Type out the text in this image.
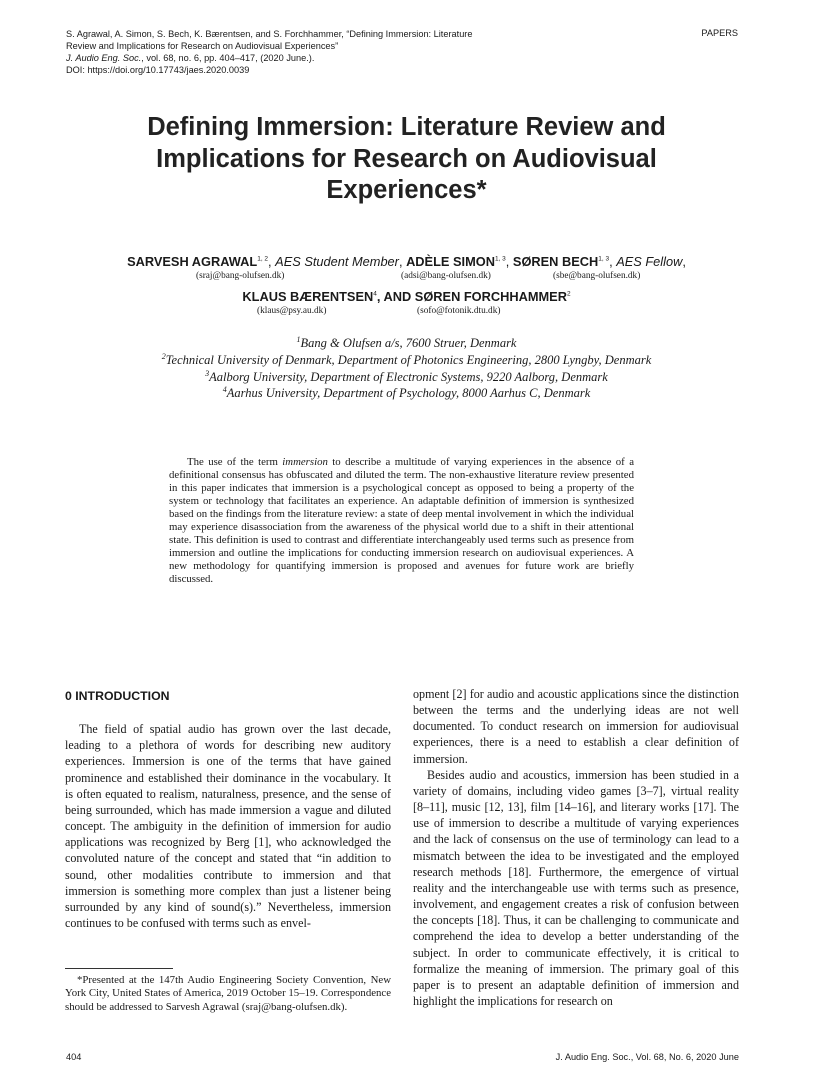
S. Agrawal, A. Simon, S. Bech, K. Bærentsen, and S. Forchhammer, “Defining Immersion: Literature
Review and Implications for Research on Audiovisual Experiences”
J. Audio Eng. Soc., vol. 68, no. 6, pp. 404–417, (2020 June.).
DOI: https://doi.org/10.17743/jaes.2020.0039
PAPERS
Defining Immersion: Literature Review and
Implications for Research on Audiovisual
Experiences*
SARVESH AGRAWAL$^{1, 2}$, AES Student Member, ADÈLE SIMON$^{1, 3}$, SØREN BECH$^{1, 3}$, AES Fellow,
(sraj@bang-olufsen.dk)	(adsi@bang-olufsen.dk)	(sbe@bang-olufsen.dk)
KLAUS BÆRENTSEN$^4$, AND SØREN FORCHHAMMER$^2$
(klaus@psy.au.dk)	(sofo@fotonik.dtu.dk)
$^1$Bang & Olufsen a/s, 7600 Struer, Denmark
$^2$Technical University of Denmark, Department of Photonics Engineering, 2800 Lyngby, Denmark
$^3$Aalborg University, Department of Electronic Systems, 9220 Aalborg, Denmark
$^4$Aarhus University, Department of Psychology, 8000 Aarhus C, Denmark

The use of the term immersion to describe a multitude of varying experiences in the absence of a definitional consensus has obfuscated and diluted the term. The non-exhaustive literature review presented in this paper indicates that immersion is a psychological concept as opposed to being a property of the system or technology that facilitates an experience. An adaptable definition of immersion is synthesized based on the findings from the literature review: a state of deep mental involvement in which the individual may experience disassociation from the awareness of the physical world due to a shift in their attentional state. This definition is used to contrast and differentiate interchangeably used terms such as presence from immersion and outline the implications for conducting immersion research on audiovisual experiences. A new methodology for quantifying immersion is proposed and avenues for future work are briefly discussed.

0 INTRODUCTION

The field of spatial audio has grown over the last decade, leading to a plethora of words for describing new auditory experiences. Immersion is one of the terms that have gained prominence and established their dominance in the vocabulary. It is often equated to realism, naturalness, presence, and the sense of being surrounded, which has made immersion a vague and diluted concept. The ambiguity in the definition of immersion for audio applications was recognized by Berg [1], who acknowledged the convoluted nature of the concept and stated that “in addition to sound, other modalities contribute to immersion and that immersion is something more complex than just a listener being surrounded by any kind of sound(s).” Nevertheless, immersion continues to be confused with terms such as envel-

opment [2] for audio and acoustic applications since the distinction between the terms and the underlying ideas are not well documented. To conduct research on immersion for audiovisual experiences, there is a need to establish a clear definition of immersion.

Besides audio and acoustics, immersion has been studied in a variety of domains, including video games [3–7], virtual reality [8–11], music [12, 13], film [14–16], and literary works [17]. The use of immersion to describe a multitude of varying experiences and the lack of consensus on the use of terminology can lead to a mismatch between the idea to be investigated and the employed research methods [18]. Furthermore, the emergence of virtual reality and the interchangeable use with terms such as presence, involvement, and engagement creates a risk of confusion between the concepts [18]. Thus, it can be challenging to communicate and comprehend the idea to develop a better understanding of the subject. In order to communicate effectively, it is critical to formalize the meaning of immersion. The primary goal of this paper is to present an adaptable definition of immersion and highlight the implications for research on

*Presented at the 147th Audio Engineering Society Convention, New York City, United States of America, 2019 October 15–19. Correspondence should be addressed to Sarvesh Agrawal (sraj@bang-olufsen.dk).

404	J. Audio Eng. Soc., Vol. 68, No. 6, 2020 June
